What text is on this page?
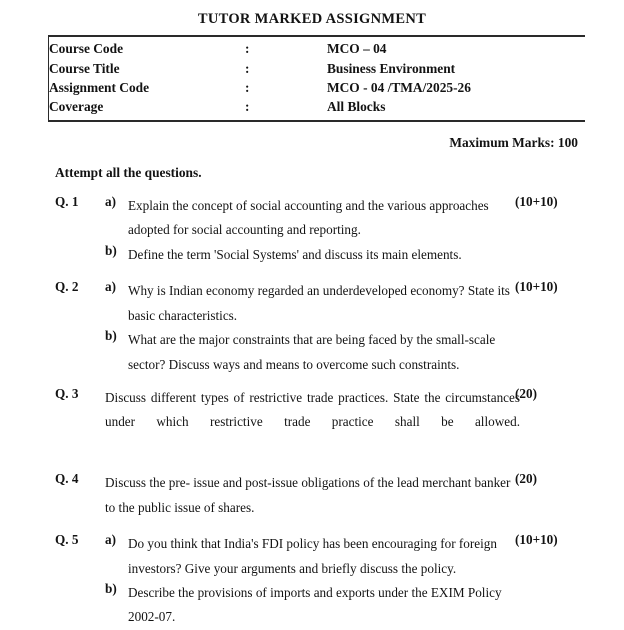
TUTOR MARKED ASSIGNMENT
Course Code	:	MCO – 04
Course Title	:	Business Environment
Assignment Code	:	MCO - 04 /TMA/2025-26
Coverage	:	All Blocks
Maximum Marks: 100
Attempt all the questions.
Q. 1 a)	(10+10)
Explain the concept of social accounting and the various approaches adopted for social accounting and reporting.
b) Define the term 'Social Systems' and discuss its main elements.
Q. 2 a)	(10+10)
Why is Indian economy regarded an underdeveloped economy? State its basic characteristics.
b) What are the major constraints that are being faced by the small-scale sector? Discuss ways and means to overcome such constraints.
Q. 3	(20)
Discuss different types of restrictive trade practices. State the circumstances under which restrictive trade practice shall be allowed.
Q. 4	(20)
Discuss the pre- issue and post-issue obligations of the lead merchant banker to the public issue of shares.
Q. 5 a)	(10+10)
Do you think that India's FDI policy has been encouraging for foreign investors? Give your arguments and briefly discuss the policy.
b) Describe the provisions of imports and exports under the EXIM Policy 2002-07.
